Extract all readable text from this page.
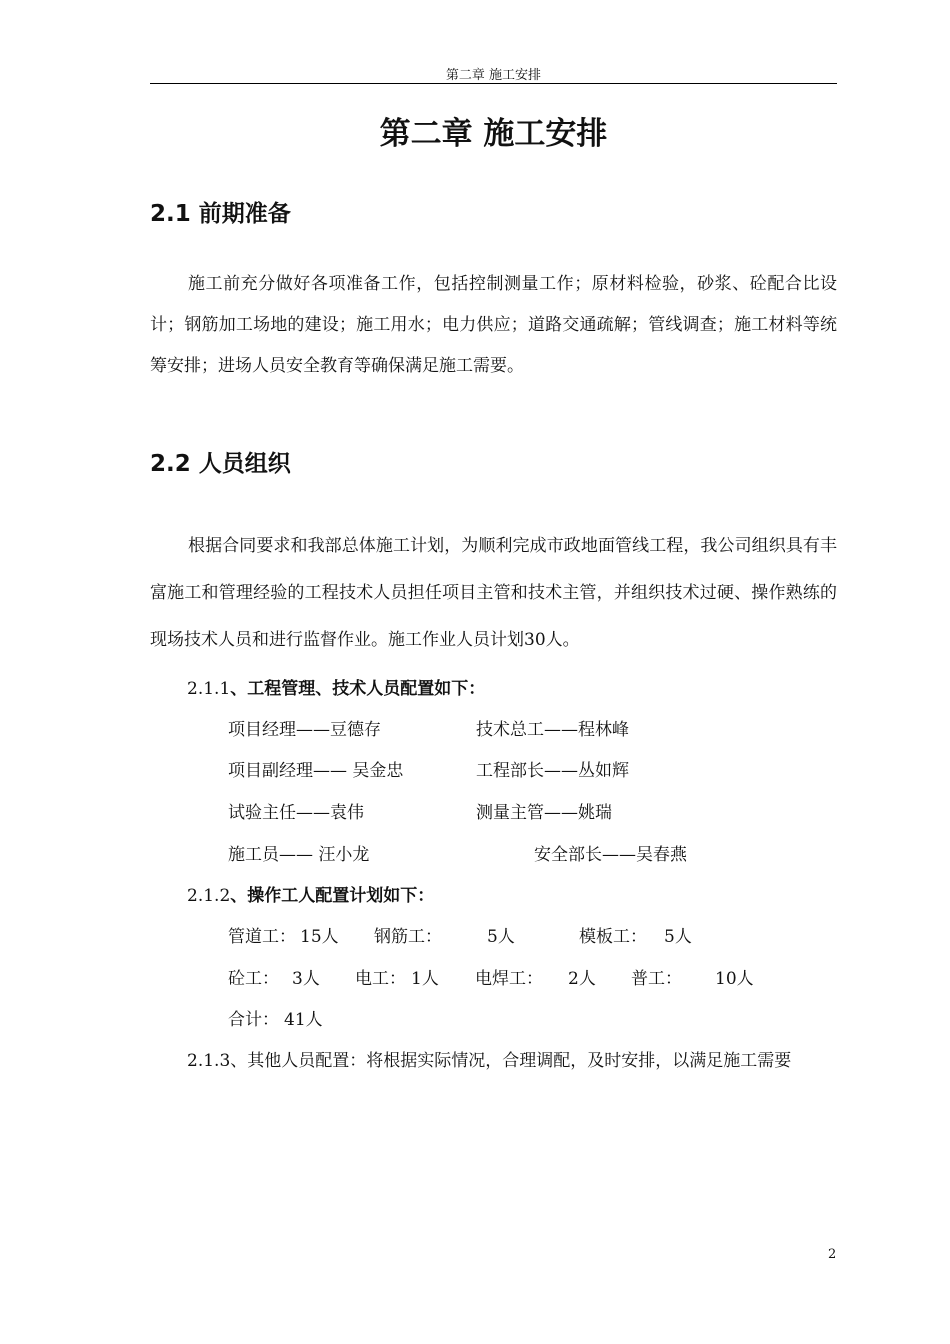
第二章 施工安排
第二章 施工安排
2.1 前期准备
施工前充分做好各项准备工作，包括控制测量工作；原材料检验，砂浆、砼配合比设计；钢筋加工场地的建设；施工用水；电力供应；道路交通疏解；管线调查；施工材料等统筹安排；进场人员安全教育等确保满足施工需要。
2.2 人员组织
根据合同要求和我部总体施工计划，为顺利完成市政地面管线工程，我公司组织具有丰富施工和管理经验的工程技术人员担任项目主管和技术主管，并组织技术过硬、操作熟练的现场技术人员和进行监督作业。施工作业人员计划30人。
2.1.1、工程管理、技术人员配置如下：
项目经理——豆德存	技术总工——程林峰
项目副经理—— 吴金忠	工程部长——丛如辉
试验主任——袁伟	测量主管——姚瑞
施工员—— 汪小龙	安全部长——吴春燕
2.1.2、操作工人配置计划如下：
管道工： 15人 钢筋工：	5人	模板工： 5人
砼工： 3人 电工： 1人 电焊工： 2人 普工： 10人
合计： 41人
2.1.3、其他人员配置：将根据实际情况，合理调配，及时安排，以满足施工需要
2
